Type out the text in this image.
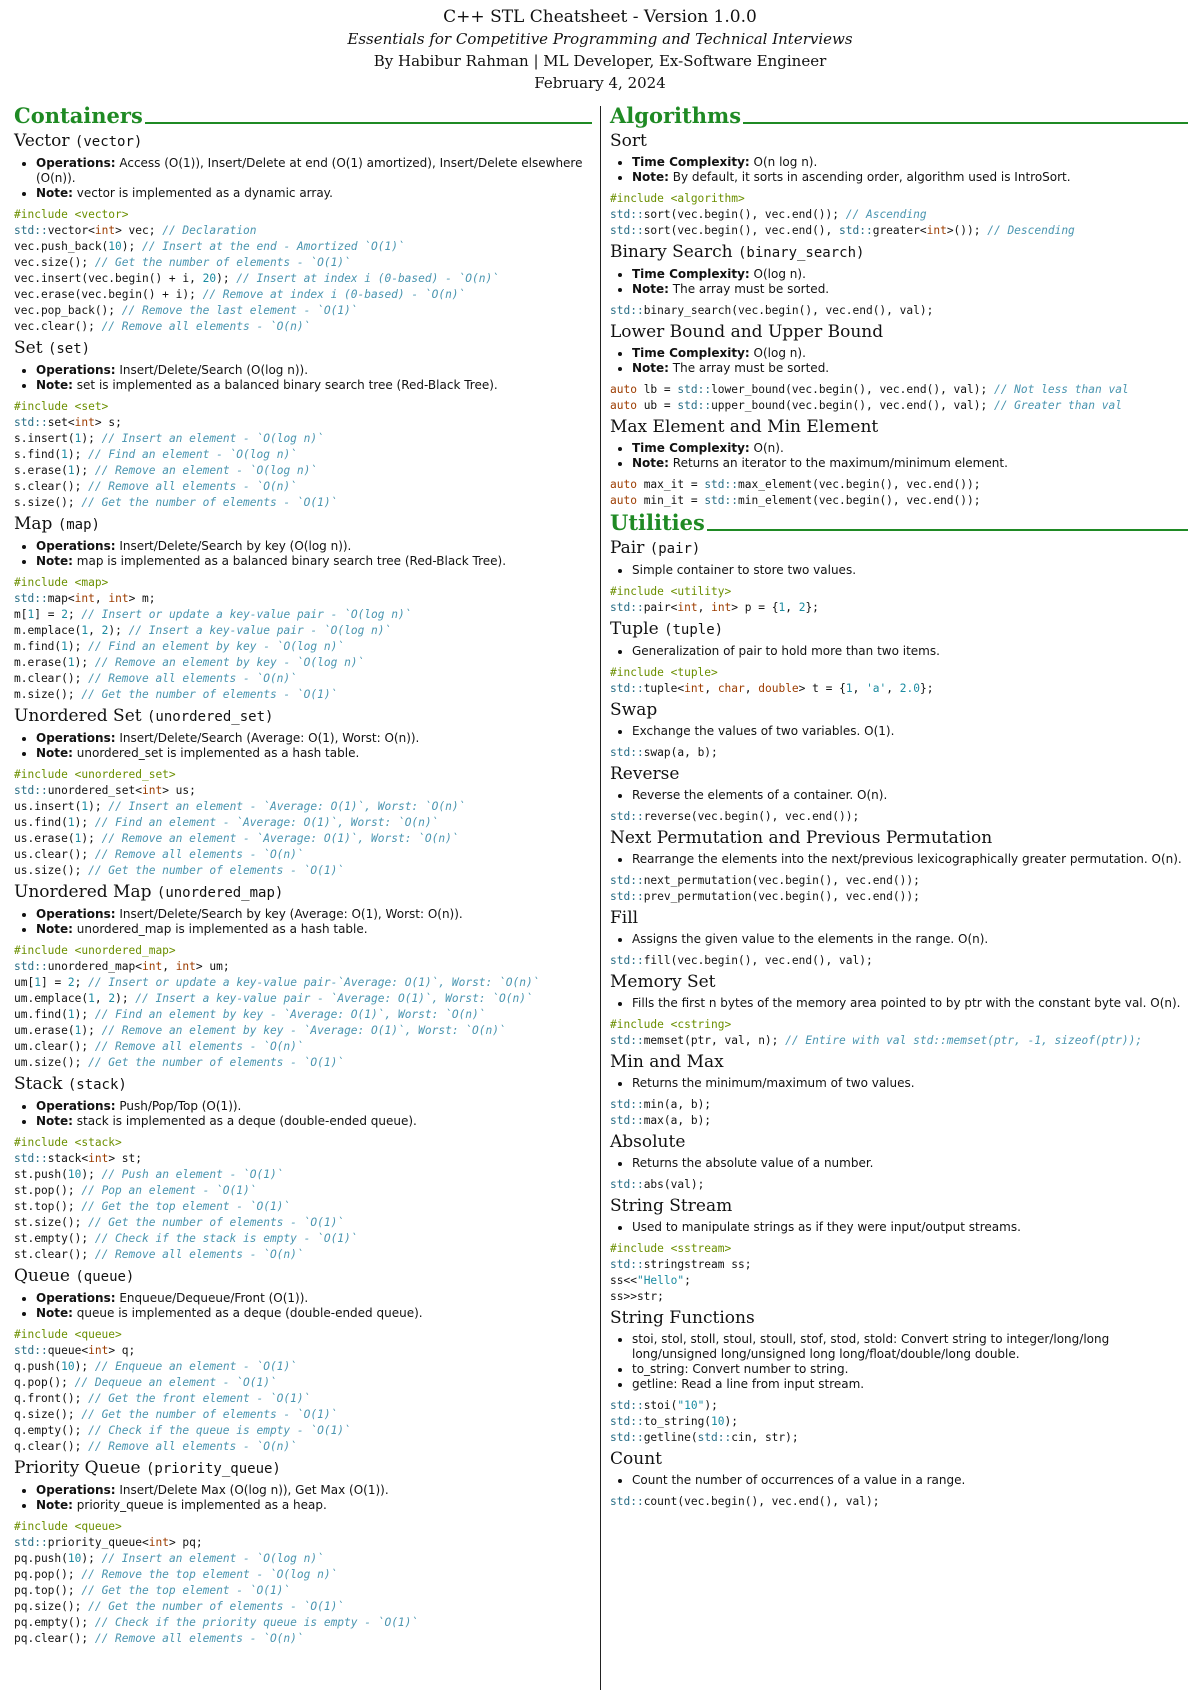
C++ STL Cheatsheet - Version 1.0.0
Essentials for Competitive Programming and Technical Interviews
By Habibur Rahman | ML Developer, Ex-Software Engineer
February 4, 2024
Containers
Vector (vector)
• Operations: Access (O(1)), Insert/Delete at end (O(1) amortized), Insert/Delete elsewhere (O(n)).
• Note: vector is implemented as a dynamic array.
#include <vector>
std::vector<int> vec; // Declaration
vec.push_back(10); // Insert at the end - Amortized `O(1)`
vec.size(); // Get the number of elements - `O(1)`
vec.insert(vec.begin() + i, 20); // Insert at index i (0-based) - `O(n)`
vec.erase(vec.begin() + i); // Remove at index i (0-based) - `O(n)`
vec.pop_back(); // Remove the last element - `O(1)`
vec.clear(); // Remove all elements - `O(n)`
Set (set)
• Operations: Insert/Delete/Search (O(log n)).
• Note: set is implemented as a balanced binary search tree (Red-Black Tree).
#include <set>
std::set<int> s;
s.insert(1); // Insert an element - `O(log n)`
s.find(1); // Find an element - `O(log n)`
s.erase(1); // Remove an element - `O(log n)`
s.clear(); // Remove all elements - `O(n)`
s.size(); // Get the number of elements - `O(1)`
Map (map)
• Operations: Insert/Delete/Search by key (O(log n)).
• Note: map is implemented as a balanced binary search tree (Red-Black Tree).
#include <map>
std::map<int, int> m;
m[1] = 2; // Insert or update a key-value pair - `O(log n)`
m.emplace(1, 2); // Insert a key-value pair - `O(log n)`
m.find(1); // Find an element by key - `O(log n)`
m.erase(1); // Remove an element by key - `O(log n)`
m.clear(); // Remove all elements - `O(n)`
m.size(); // Get the number of elements - `O(1)`
Unordered Set (unordered_set)
• Operations: Insert/Delete/Search (Average: O(1), Worst: O(n)).
• Note: unordered_set is implemented as a hash table.
#include <unordered_set>
std::unordered_set<int> us;
us.insert(1); // Insert an element - `Average: O(1)`, Worst: `O(n)`
us.find(1); // Find an element - `Average: O(1)`, Worst: `O(n)`
us.erase(1); // Remove an element - `Average: O(1)`, Worst: `O(n)`
us.clear(); // Remove all elements - `O(n)`
us.size(); // Get the number of elements - `O(1)`
Unordered Map (unordered_map)
• Operations: Insert/Delete/Search by key (Average: O(1), Worst: O(n)).
• Note: unordered_map is implemented as a hash table.
#include <unordered_map>
std::unordered_map<int, int> um;
um[1] = 2; // Insert or update a key-value pair-`Average: O(1)`, Worst: `O(n)`
um.emplace(1, 2); // Insert a key-value pair - `Average: O(1)`, Worst: `O(n)`
um.find(1); // Find an element by key - `Average: O(1)`, Worst: `O(n)`
um.erase(1); // Remove an element by key - `Average: O(1)`, Worst: `O(n)`
um.clear(); // Remove all elements - `O(n)`
um.size(); // Get the number of elements - `O(1)`
Stack (stack)
• Operations: Push/Pop/Top (O(1)).
• Note: stack is implemented as a deque (double-ended queue).
#include <stack>
std::stack<int> st;
st.push(10); // Push an element - `O(1)`
st.pop(); // Pop an element - `O(1)`
st.top(); // Get the top element - `O(1)`
st.size(); // Get the number of elements - `O(1)`
st.empty(); // Check if the stack is empty - `O(1)`
st.clear(); // Remove all elements - `O(n)`
Queue (queue)
• Operations: Enqueue/Dequeue/Front (O(1)).
• Note: queue is implemented as a deque (double-ended queue).
#include <queue>
std::queue<int> q;
q.push(10); // Enqueue an element - `O(1)`
q.pop(); // Dequeue an element - `O(1)`
q.front(); // Get the front element - `O(1)`
q.size(); // Get the number of elements - `O(1)`
q.empty(); // Check if the queue is empty - `O(1)`
q.clear(); // Remove all elements - `O(n)`
Priority Queue (priority_queue)
• Operations: Insert/Delete Max (O(log n)), Get Max (O(1)).
• Note: priority_queue is implemented as a heap.
#include <queue>
std::priority_queue<int> pq;
pq.push(10); // Insert an element - `O(log n)`
pq.pop(); // Remove the top element - `O(log n)`
pq.top(); // Get the top element - `O(1)`
pq.size(); // Get the number of elements - `O(1)`
pq.empty(); // Check if the priority queue is empty - `O(1)`
pq.clear(); // Remove all elements - `O(n)`
Algorithms
Sort
• Time Complexity: O(n log n).
• Note: By default, it sorts in ascending order, algorithm used is IntroSort.
#include <algorithm>
std::sort(vec.begin(), vec.end()); // Ascending
std::sort(vec.begin(), vec.end(), std::greater<int>()); // Descending
Binary Search (binary_search)
• Time Complexity: O(log n).
• Note: The array must be sorted.
std::binary_search(vec.begin(), vec.end(), val);
Lower Bound and Upper Bound
• Time Complexity: O(log n).
• Note: The array must be sorted.
auto lb = std::lower_bound(vec.begin(), vec.end(), val); // Not less than val
auto ub = std::upper_bound(vec.begin(), vec.end(), val); // Greater than val
Max Element and Min Element
• Time Complexity: O(n).
• Note: Returns an iterator to the maximum/minimum element.
auto max_it = std::max_element(vec.begin(), vec.end());
auto min_it = std::min_element(vec.begin(), vec.end());
Utilities
Pair (pair)
• Simple container to store two values.
#include <utility>
std::pair<int, int> p = {1, 2};
Tuple (tuple)
• Generalization of pair to hold more than two items.
#include <tuple>
std::tuple<int, char, double> t = {1, 'a', 2.0};
Swap
• Exchange the values of two variables. O(1).
std::swap(a, b);
Reverse
• Reverse the elements of a container. O(n).
std::reverse(vec.begin(), vec.end());
Next Permutation and Previous Permutation
• Rearrange the elements into the next/previous lexicographically greater permutation. O(n).
std::next_permutation(vec.begin(), vec.end());
std::prev_permutation(vec.begin(), vec.end());
Fill
• Assigns the given value to the elements in the range. O(n).
std::fill(vec.begin(), vec.end(), val);
Memory Set
• Fills the first n bytes of the memory area pointed to by ptr with the constant byte val. O(n).
#include <cstring>
std::memset(ptr, val, n); // Entire with val std::memset(ptr, -1, sizeof(ptr));
Min and Max
• Returns the minimum/maximum of two values.
std::min(a, b);
std::max(a, b);
Absolute
• Returns the absolute value of a number.
std::abs(val);
String Stream
• Used to manipulate strings as if they were input/output streams.
#include <sstream>
std::stringstream ss;
ss<<"Hello";
ss>>str;
String Functions
• stoi, stol, stoll, stoul, stoull, stof, stod, stold: Convert string to integer/long/long long/unsigned long/unsigned long long/float/double/long double.
• to_string: Convert number to string.
• getline: Read a line from input stream.
std::stoi("10");
std::to_string(10);
std::getline(std::cin, str);
Count
• Count the number of occurrences of a value in a range.
std::count(vec.begin(), vec.end(), val);
